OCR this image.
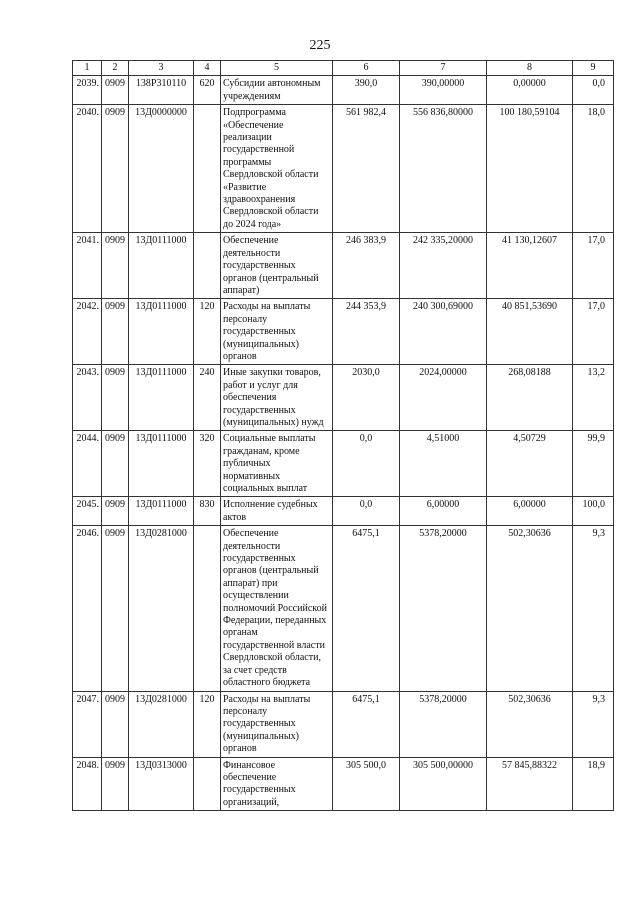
225
1	2	3	4	5	6	7	8	9
2039.	0909	138Р310110	620	Субсидии автономным учреждениям	390,0	390,00000	0,00000	0,0
2040.	0909	13Д0000000		Подпрограмма «Обеспечение реализации государственной программы Свердловской области «Развитие здравоохранения Свердловской области до 2024 года»	561 982,4	556 836,80000	100 180,59104	18,0
2041.	0909	13Д0111000		Обеспечение деятельности государственных органов (центральный аппарат)	246 383,9	242 335,20000	41 130,12607	17,0
2042.	0909	13Д0111000	120	Расходы на выплаты персоналу государственных (муниципальных) органов	244 353,9	240 300,69000	40 851,53690	17,0
2043.	0909	13Д0111000	240	Иные закупки товаров, работ и услуг для обеспечения государственных (муниципальных) нужд	2030,0	2024,00000	268,08188	13,2
2044.	0909	13Д0111000	320	Социальные выплаты гражданам, кроме публичных нормативных социальных выплат	0,0	4,51000	4,50729	99,9
2045.	0909	13Д0111000	830	Исполнение судебных актов	0,0	6,00000	6,00000	100,0
2046.	0909	13Д0281000		Обеспечение деятельности государственных органов (центральный аппарат) при осуществлении полномочий Российской Федерации, переданных органам государственной власти Свердловской области, за счет средств областного бюджета	6475,1	5378,20000	502,30636	9,3
2047.	0909	13Д0281000	120	Расходы на выплаты персоналу государственных (муниципальных) органов	6475,1	5378,20000	502,30636	9,3
2048.	0909	13Д0313000		Финансовое обеспечение государственных организаций,	305 500,0	305 500,00000	57 845,88322	18,9
